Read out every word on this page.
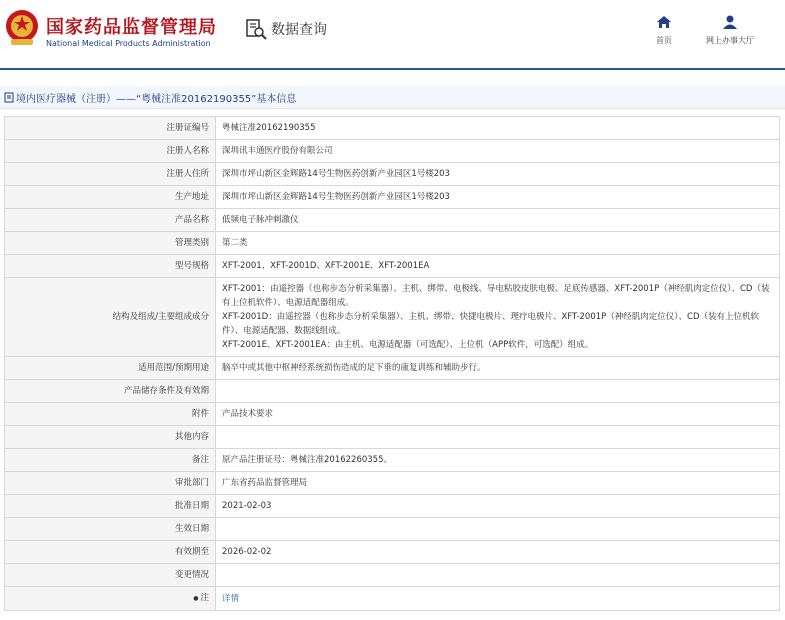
国家药品监督管理局
National Medical Products Administration
数据查询
首页	网上办事大厅
境内医疗器械（注册）——“粤械注准20162190355”基本信息
注册证编号	粤械注准20162190355
注册人名称	深圳讯丰通医疗股份有限公司
注册人住所	深圳市坪山新区金辉路14号生物医药创新产业园区1号楼203
生产地址	深圳市坪山新区金辉路14号生物医药创新产业园区1号楼203
产品名称	低频电子脉冲刺激仪
管理类别	第二类
型号规格	XFT-2001、XFT-2001D、XFT-2001E、XFT-2001EA
结构及组成/主要组成成分	XFT-2001：由遥控器（也称步态分析采集器）、主机、绑带、电极线、导电粘胶皮肤电极、足底传感器、XFT-2001P（神经肌肉定位仪）、CD（装有上位机软件）、电源适配器组成。
XFT-2001D：由遥控器（也称步态分析采集器）、主机、绑带、快捷电极片、理疗电极片、XFT-2001P（神经肌肉定位仪）、CD（装有上位机软件）、电源适配器、数据线组成。
XFT-2001E、XFT-2001EA：由主机、电源适配器（可选配）、上位机（APP软件，可选配）组成。

适用范围/预期用途	脑卒中或其他中枢神经系统损伤造成的足下垂的康复训练和辅助步行。
产品储存条件及有效期	
附件	产品技术要求
其他内容	
备注	原产品注册证号：粤械注准20162260355。
审批部门	广东省药品监督管理局
批准日期	2021-02-03
生效日期	
有效期至	2026-02-02
变更情况	
● 注	详情
